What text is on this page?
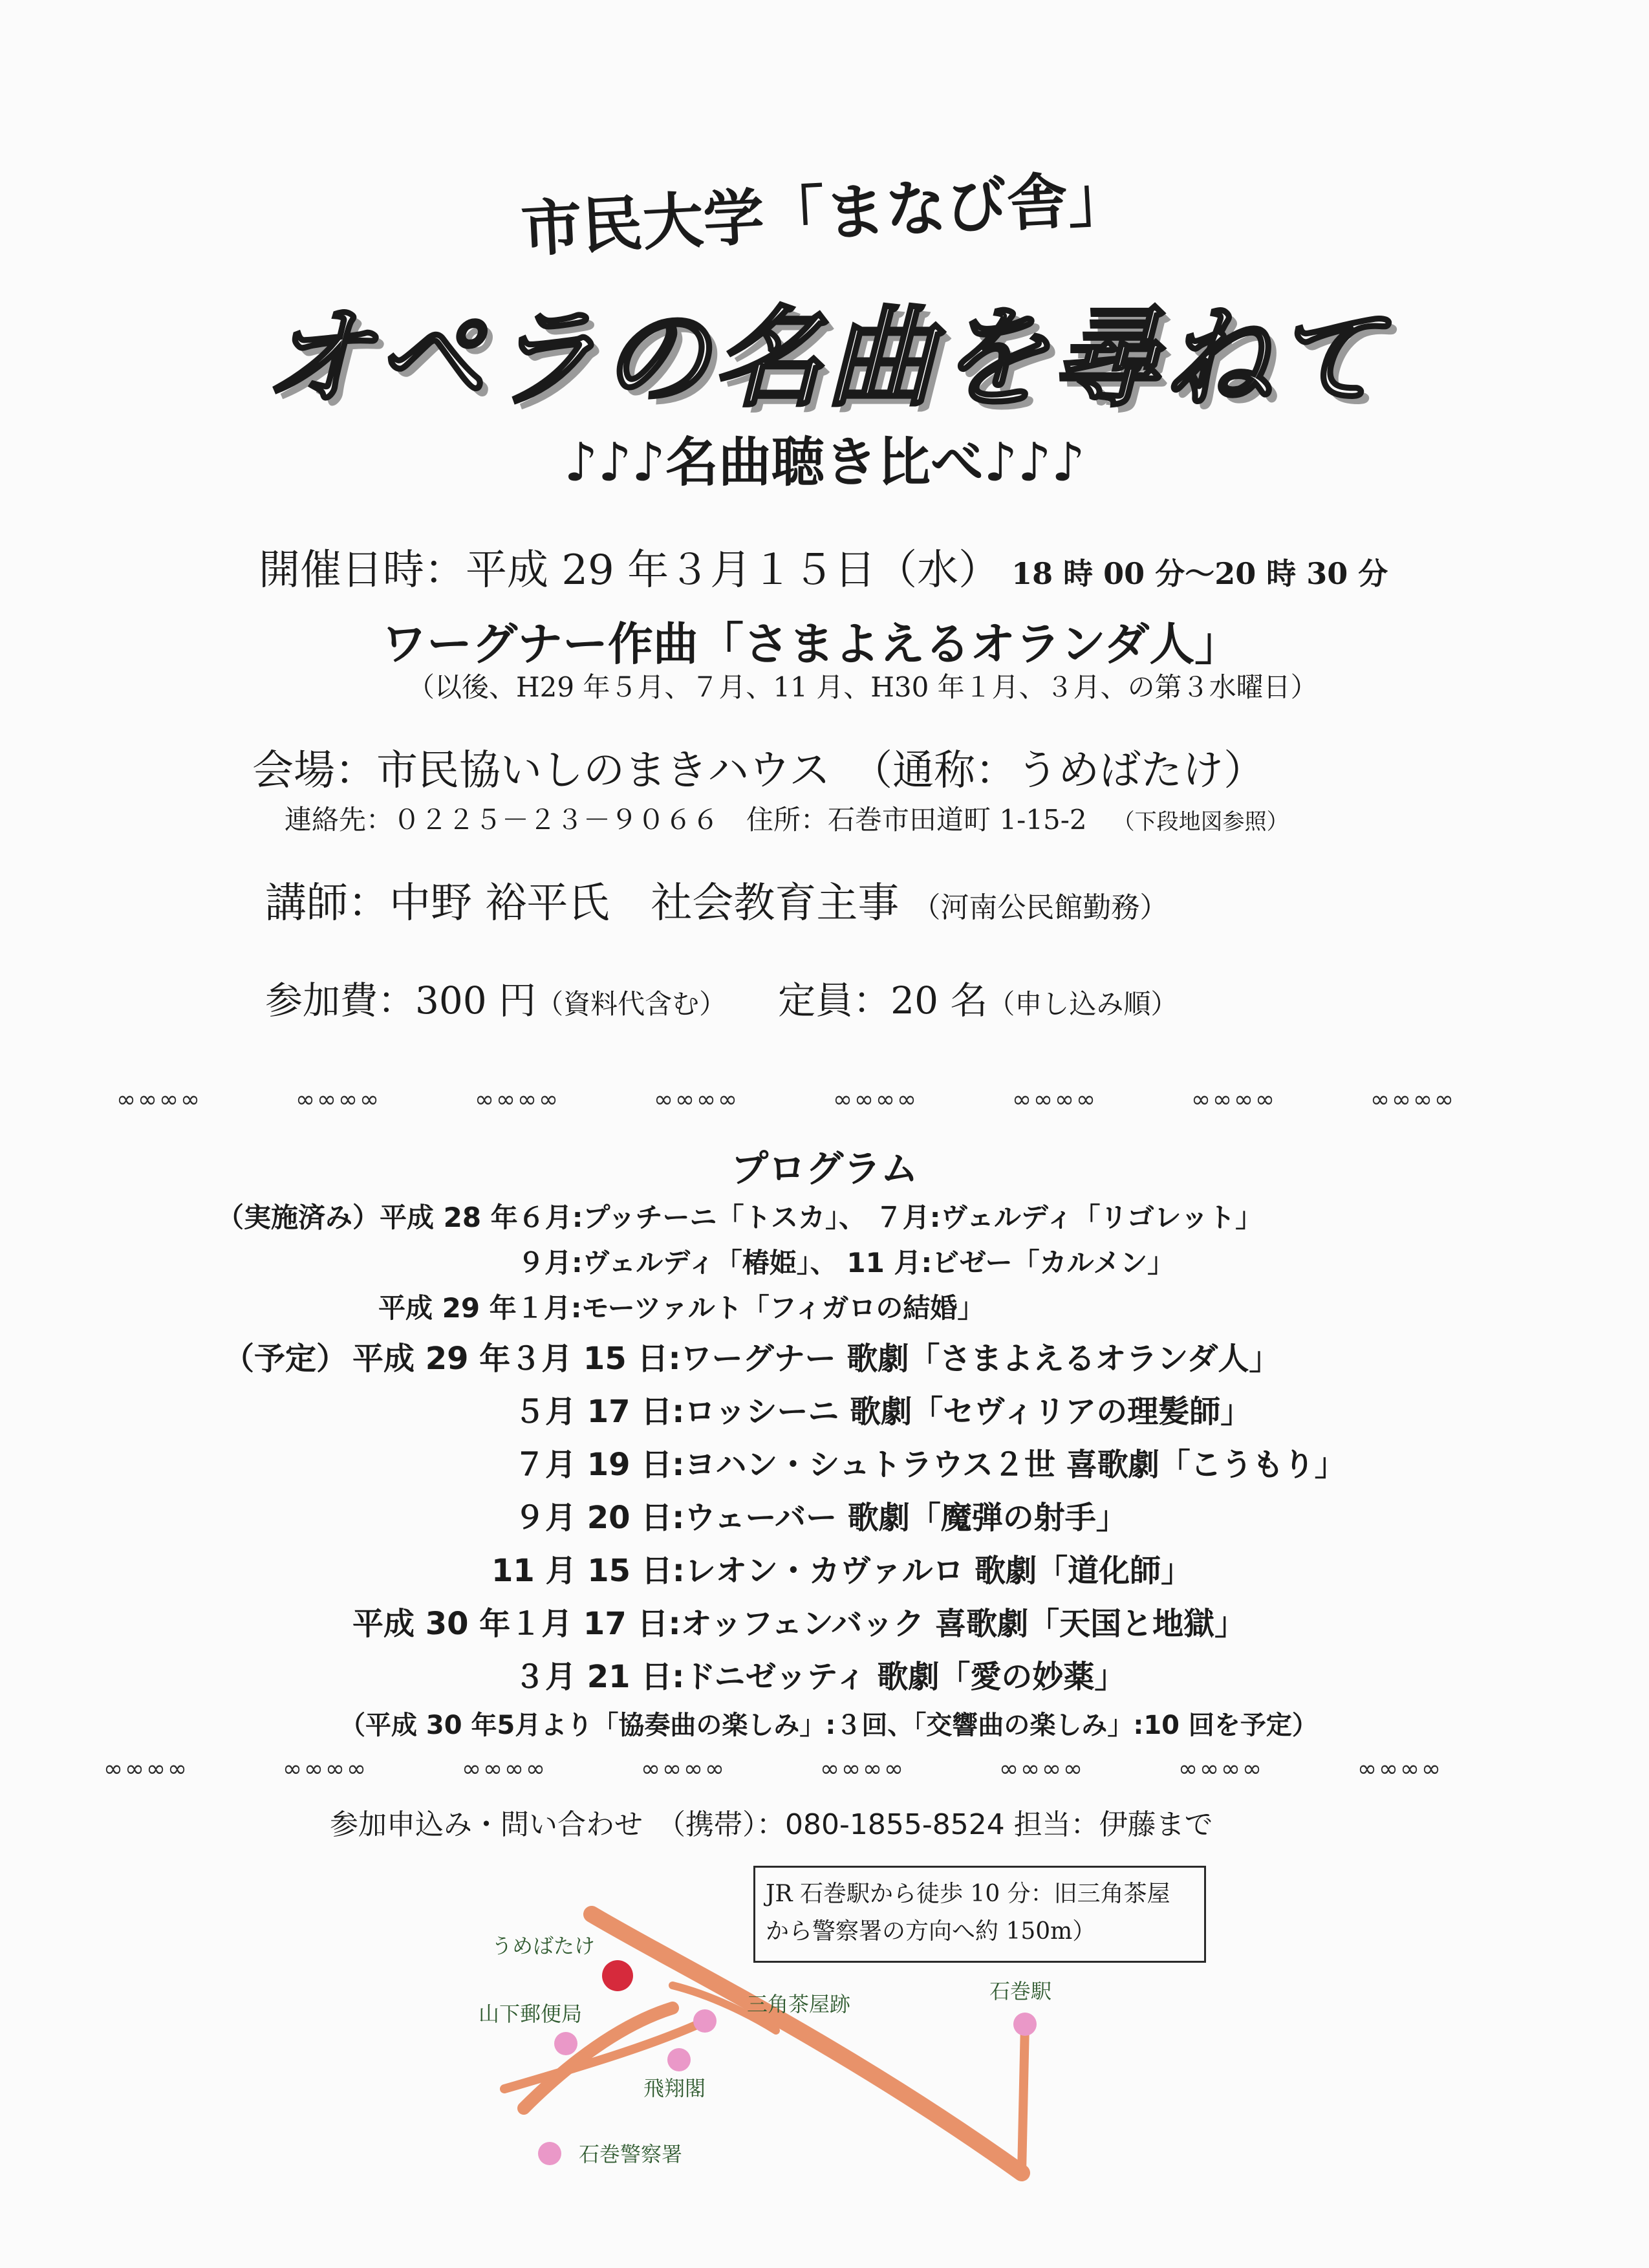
市民大学「まなび舎」
オペラの名曲を尋ねて
♪♪♪名曲聴き比べ♪♪♪
開催日時：平成 29 年３月１５日（水） 18 時 00 分～20 時 30 分
ワーグナー作曲「さまよえるオランダ人」
（以後、H29 年５月、７月、11 月、H30 年１月、３月、の第３水曜日）
会場：市民協いしのまきハウス　（通称：うめばたけ）
連絡先：０２２５－２３－９０６６　住所：石巻市田道町 1-15-2 （下段地図参照）
講師：中野 裕平氏　社会教育主事 （河南公民館勤務）
参加費：300 円（資料代含む） 定員：20 名（申し込み順）
∞∞∞∞	∞∞∞∞	∞∞∞∞	∞∞∞∞	∞∞∞∞	∞∞∞∞	∞∞∞∞	∞∞∞∞
プログラム
（実施済み）平成 28 年６月:プッチーニ「トスカ」、 ７月:ヴェルディ「リゴレット」
９月:ヴェルディ「椿姫」、 11 月:ビゼー「カルメン」
平成 29 年１月:モーツァルト「フィガロの結婚」
（予定） 平成 29 年３月 15 日:ワーグナー 歌劇「さまよえるオランダ人」
５月 17 日:ロッシーニ 歌劇「セヴィリアの理髪師」
７月 19 日:ヨハン・シュトラウス２世 喜歌劇「こうもり」
９月 20 日:ウェーバー 歌劇「魔弾の射手」
11 月 15 日:レオン・カヴァルロ 歌劇「道化師」
平成 30 年１月 17 日:オッフェンバック 喜歌劇「天国と地獄」
３月 21 日:ドニゼッティ 歌劇「愛の妙薬」
（平成 30 年5月より「協奏曲の楽しみ」:３回、「交響曲の楽しみ」:10 回を予定）
∞∞∞∞	∞∞∞∞	∞∞∞∞	∞∞∞∞	∞∞∞∞	∞∞∞∞	∞∞∞∞	∞∞∞∞
参加申込み・問い合わせ　（携帯）：080-1855-8524 担当：伊藤まで
うめばたけ
山下郵便局	三角茶屋跡
石巻駅
飛翔閣
石巻警察署
JR 石巻駅から徒歩 10 分：旧三角茶屋
から警察署の方向へ約 150m）
